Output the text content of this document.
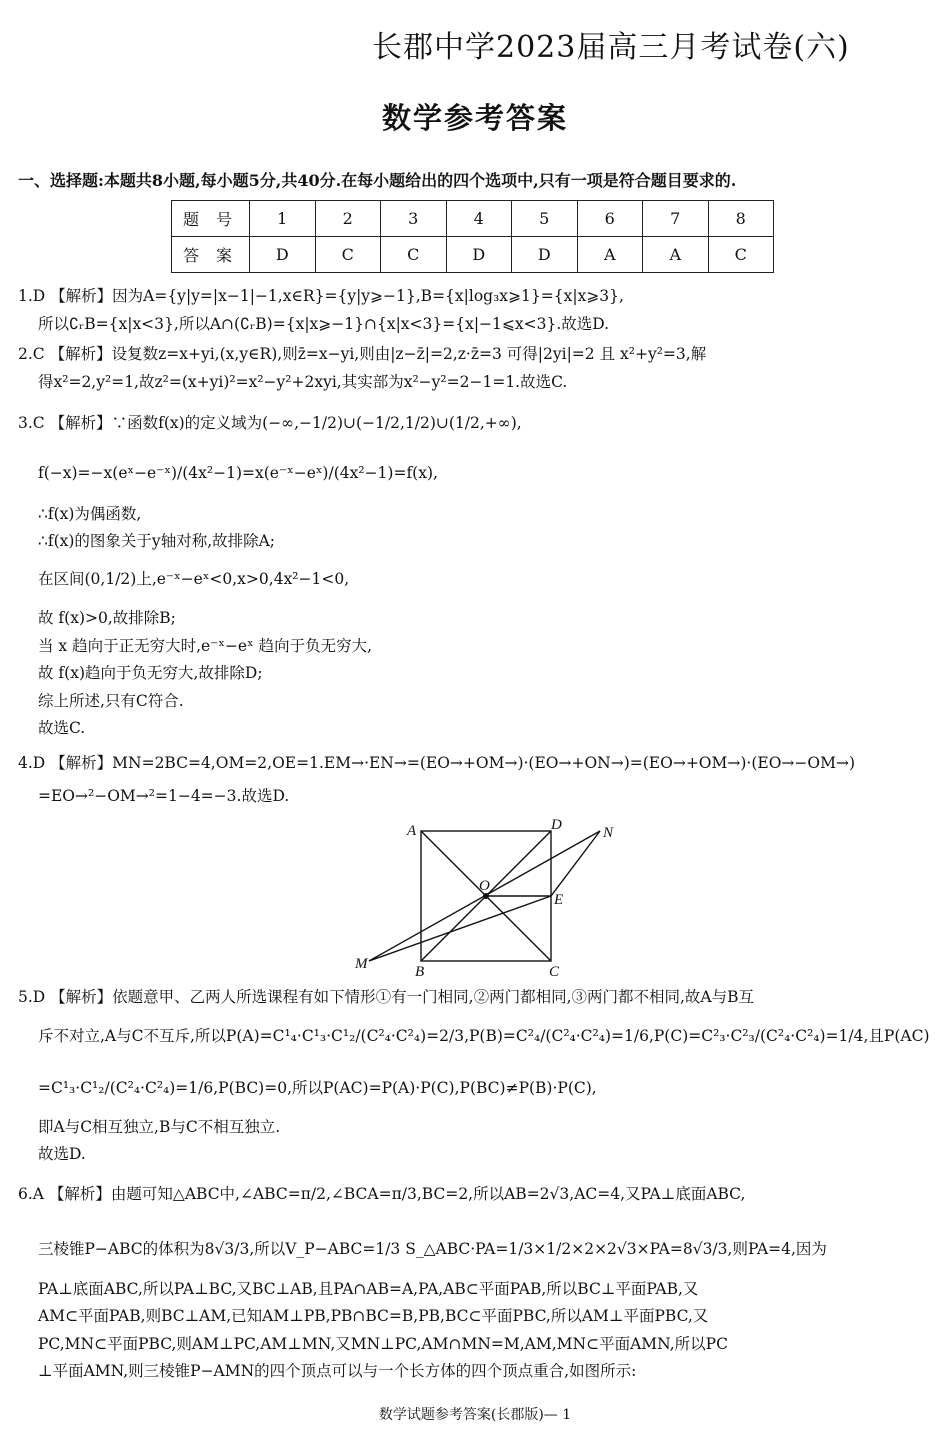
长郡中学2023届高三月考试卷(六)
数学参考答案
一、选择题:本题共8小题,每小题5分,共40分.在每小题给出的四个选项中,只有一项是符合题目要求的.
题 号	1	2	3	4	5	6	7	8
答 案	D	C	C	D	D	A	A	C
1.D 【解析】因为A={y|y=|x−1|−1,x∈R}={y|y⩾−1},B={x|log₃x⩾1}={x|x⩾3},
所以∁ᵣB={x|x<3},所以A∩(∁ᵣB)={x|x⩾−1}∩{x|x<3}={x|−1⩽x<3}.故选D.
2.C 【解析】设复数z=x+yi,(x,y∈R),则z̄=x−yi,则由|z−z̄|=2,z·z̄=3 可得|2yi|=2 且 x²+y²=3,解
得x²=2,y²=1,故z²=(x+yi)²=x²−y²+2xyi,其实部为x²−y²=2−1=1.故选C.
3.C 【解析】∵函数f(x)的定义域为(−∞,−1/2)∪(−1/2,1/2)∪(1/2,+∞),
f(−x)=−x(eˣ−e⁻ˣ)/(4x²−1)=x(e⁻ˣ−eˣ)/(4x²−1)=f(x),
∴f(x)为偶函数,
∴f(x)的图象关于y轴对称,故排除A;
在区间(0,1/2)上,e⁻ˣ−eˣ<0,x>0,4x²−1<0,
故 f(x)>0,故排除B;
当 x 趋向于正无穷大时,e⁻ˣ−eˣ 趋向于负无穷大,
故 f(x)趋向于负无穷大,故排除D;
综上所述,只有C符合.
故选C.
4.D 【解析】MN=2BC=4,OM=2,OE=1.EM→·EN→=(EO→+OM→)·(EO→+ON→)=(EO→+OM→)·(EO→−OM→)
=EO→²−OM→²=1−4=−3.故选D.
A	D	N
O
E
M	B	C
5.D 【解析】依题意甲、乙两人所选课程有如下情形①有一门相同,②两门都相同,③两门都不相同,故A与B互
斥不对立,A与C不互斥,所以P(A)=C¹₄·C¹₃·C¹₂/(C²₄·C²₄)=2/3,P(B)=C²₄/(C²₄·C²₄)=1/6,P(C)=C²₃·C²₃/(C²₄·C²₄)=1/4,且P(AC)
=C¹₃·C¹₂/(C²₄·C²₄)=1/6,P(BC)=0,所以P(AC)=P(A)·P(C),P(BC)≠P(B)·P(C),
即A与C相互独立,B与C不相互独立.
故选D.
6.A 【解析】由题可知△ABC中,∠ABC=π/2,∠BCA=π/3,BC=2,所以AB=2√3,AC=4,又PA⊥底面ABC,
三棱锥P−ABC的体积为8√3/3,所以V_P−ABC=1/3 S_△ABC·PA=1/3×1/2×2×2√3×PA=8√3/3,则PA=4,因为
PA⊥底面ABC,所以PA⊥BC,又BC⊥AB,且PA∩AB=A,PA,AB⊂平面PAB,所以BC⊥平面PAB,又
AM⊂平面PAB,则BC⊥AM,已知AM⊥PB,PB∩BC=B,PB,BC⊂平面PBC,所以AM⊥平面PBC,又
PC,MN⊂平面PBC,则AM⊥PC,AM⊥MN,又MN⊥PC,AM∩MN=M,AM,MN⊂平面AMN,所以PC
⊥平面AMN,则三棱锥P−AMN的四个顶点可以与一个长方体的四个顶点重合,如图所示:
数学试题参考答案(长郡版)— 1
